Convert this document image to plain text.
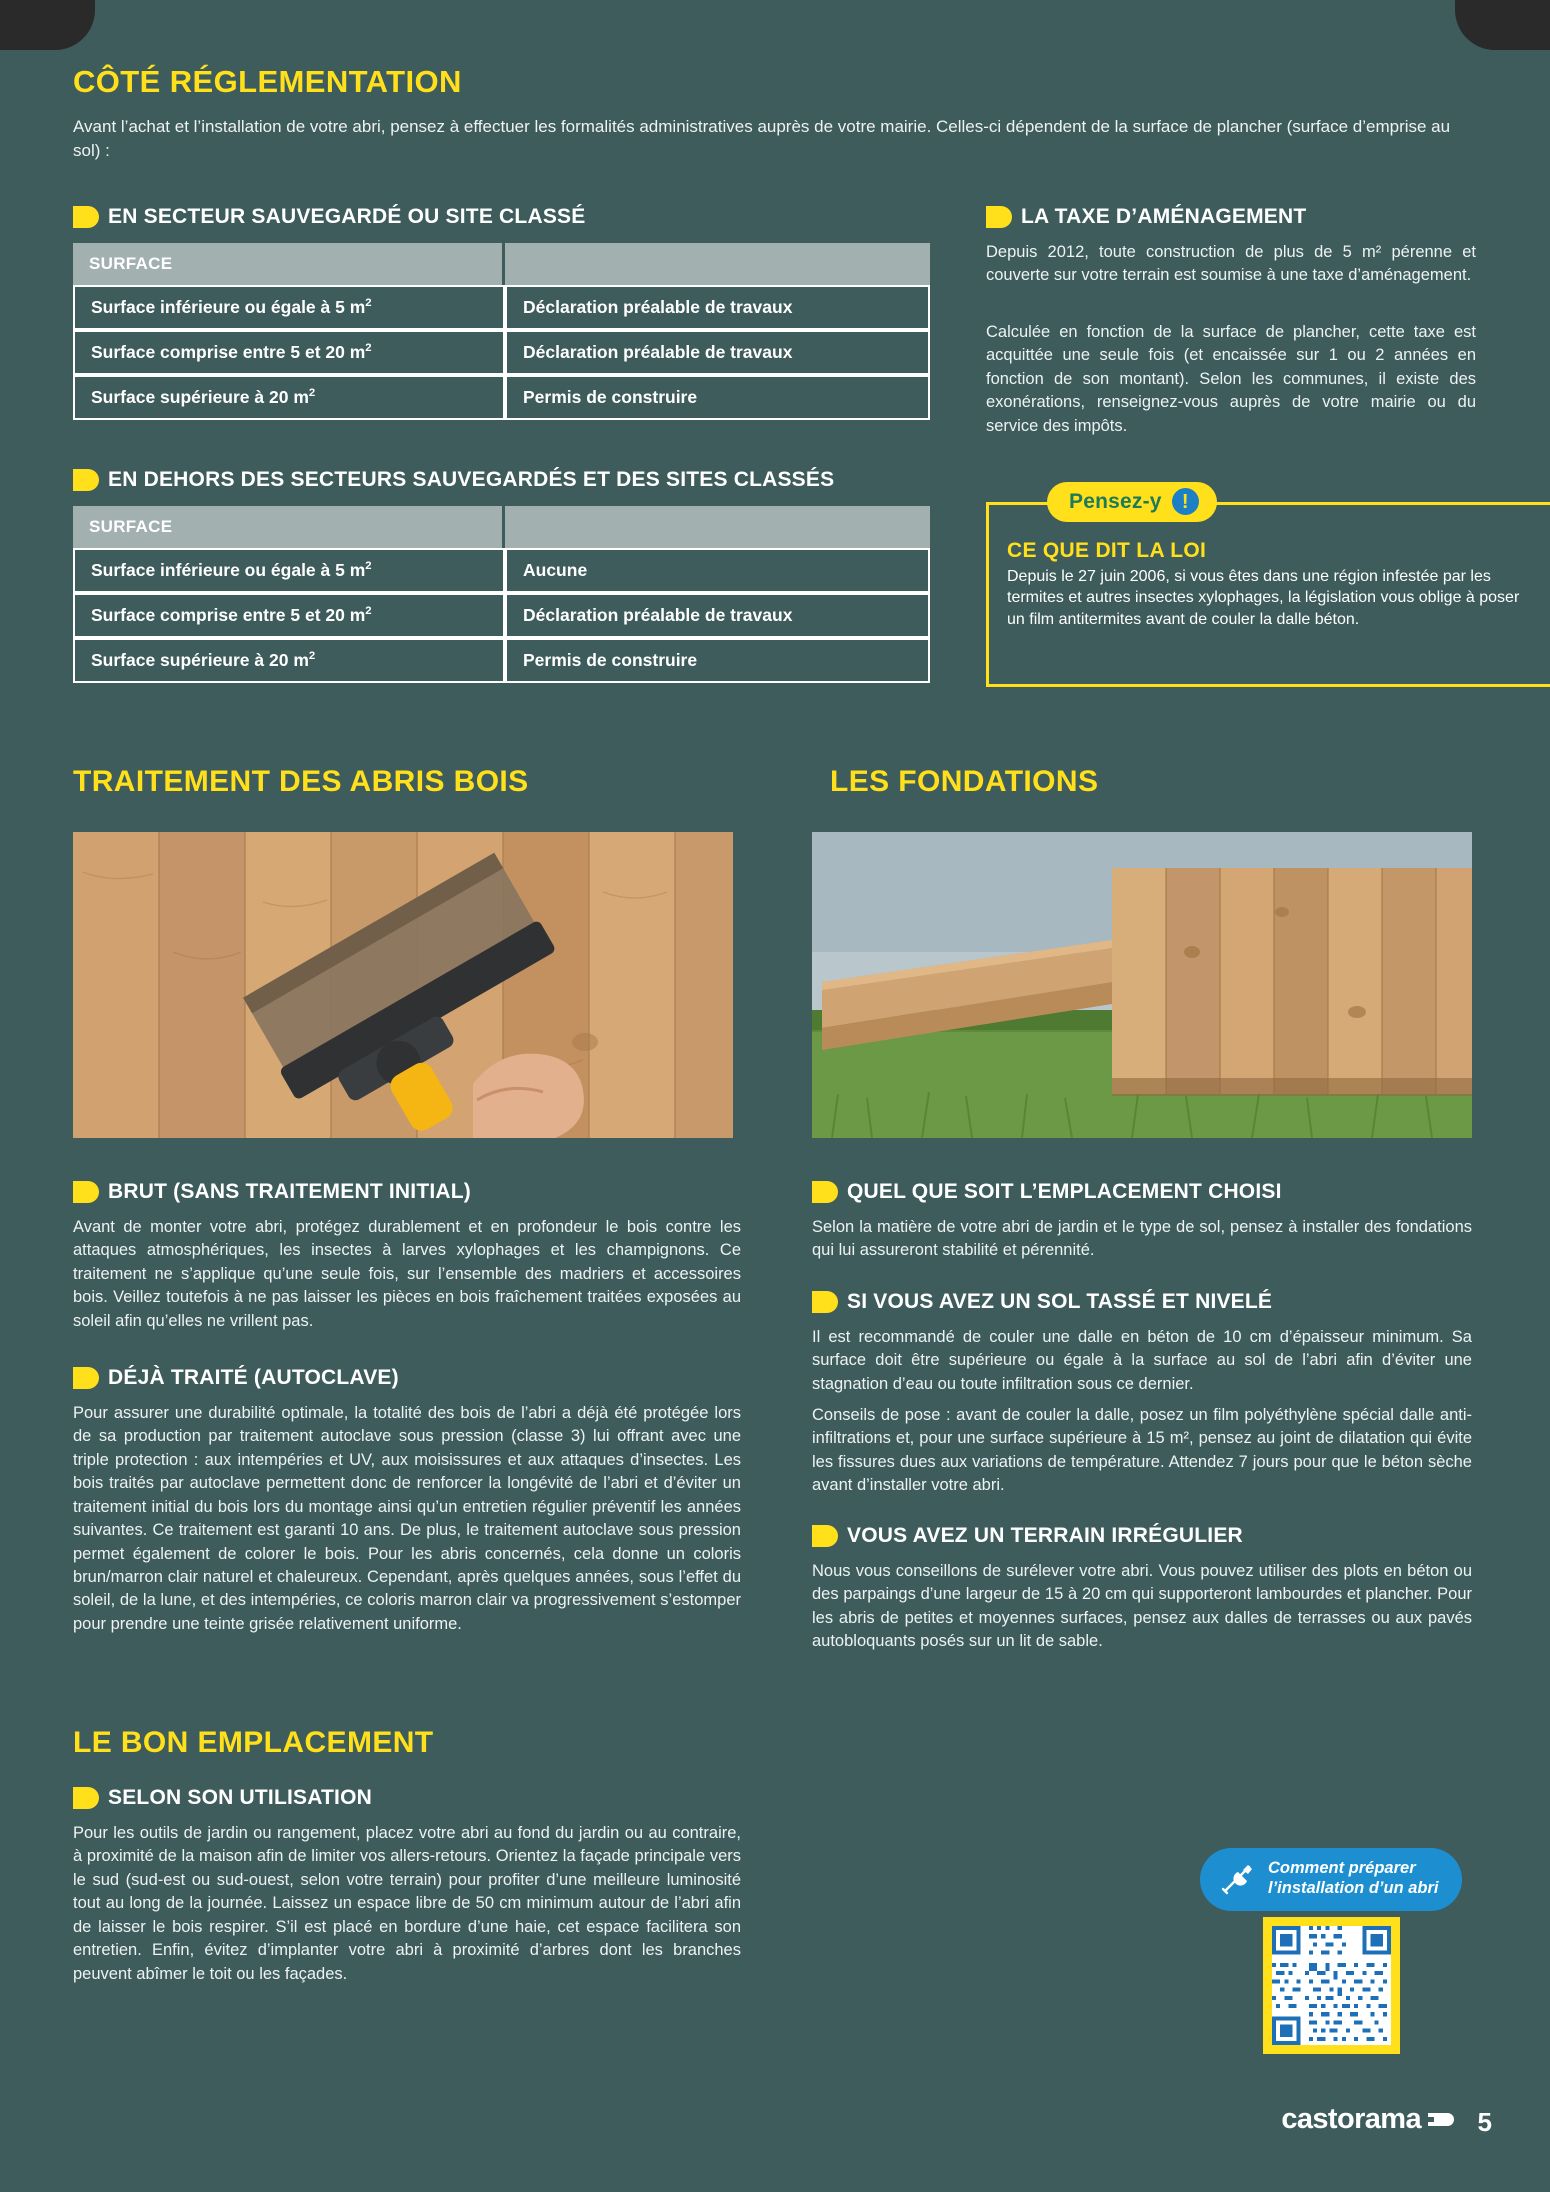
CÔTÉ RÉGLEMENTATION

Avant l’achat et l’installation de votre abri, pensez à effectuer les formalités administratives auprès de votre mairie. Celles-ci dépendent de la surface de plancher (surface d’emprise au sol) :

EN SECTEUR SAUVEGARDÉ OU SITE CLASSÉ
SURFACE	
Surface inférieure ou égale à 5 $m^2$	Déclaration préalable de travaux
Surface comprise entre 5 et 20 $m^2$	Déclaration préalable de travaux
Surface supérieure à 20 $m^2$	Permis de construire
EN DEHORS DES SECTEURS SAUVEGARDÉS ET DES SITES CLASSÉS
SURFACE	
Surface inférieure ou égale à 5 $m^2$	Aucune
Surface comprise entre 5 et 20 $m^2$	Déclaration préalable de travaux
Surface supérieure à 20 $m^2$	Permis de construire
LA TAXE D’AMÉNAGEMENT

Depuis 2012, toute construction de plus de 5 m² pérenne et couverte sur votre terrain est soumise à une taxe d’aménagement.

Calculée en fonction de la surface de plancher, cette taxe est acquittée une seule fois (et encaissée sur 1 ou 2 années en fonction de son montant). Selon les communes, il existe des exonérations, renseignez-vous auprès de votre mairie ou du service des impôts.

Pensez-y	!
CE QUE DIT LA LOI

Depuis le 27 juin 2006, si vous êtes dans une région infestée par les termites et autres insectes xylophages, la législation vous oblige à poser un film antitermites avant de couler la dalle béton.

TRAITEMENT DES ABRIS BOIS
BRUT (SANS TRAITEMENT INITIAL)

Avant de monter votre abri, protégez durablement et en profondeur le bois contre les attaques atmosphériques, les insectes à larves xylophages et les champignons. Ce traitement ne s’applique qu’une seule fois, sur l’ensemble des madriers et accessoires bois. Veillez toutefois à ne pas laisser les pièces en bois fraîchement traitées exposées au soleil afin qu’elles ne vrillent pas.

DÉJÀ TRAITÉ (AUTOCLAVE)

Pour assurer une durabilité optimale, la totalité des bois de l’abri a déjà été protégée lors de sa production par traitement autoclave sous pression (classe 3) lui offrant avec une triple protection : aux intempéries et UV, aux moisissures et aux attaques d’insectes. Les bois traités par autoclave permettent donc de renforcer la longévité de l’abri et d’éviter un traitement initial du bois lors du montage ainsi qu’un entretien régulier préventif les années suivantes. Ce traitement est garanti 10 ans. De plus, le traitement autoclave sous pression permet également de colorer le bois. Pour les abris concernés, cela donne un coloris brun/marron clair naturel et chaleureux. Cependant, après quelques années, sous l’effet du soleil, de la lune, et des intempéries, ce coloris marron clair va progressivement s’estomper pour prendre une teinte grisée relativement uniforme.

LES FONDATIONS
QUEL QUE SOIT L’EMPLACEMENT CHOISI

Selon la matière de votre abri de jardin et le type de sol, pensez à installer des fondations qui lui assureront stabilité et pérennité.

SI VOUS AVEZ UN SOL TASSÉ ET NIVELÉ

Il est recommandé de couler une dalle en béton de 10 cm d’épaisseur minimum. Sa surface doit être supérieure ou égale à la surface au sol de l’abri afin d’éviter une stagnation d’eau ou toute infiltration sous ce dernier.

Conseils de pose : avant de couler la dalle, posez un film polyéthylène spécial dalle anti-infiltrations et, pour une surface supérieure à 15 m², pensez au joint de dilatation qui évite les fissures dues aux variations de température. Attendez 7 jours pour que le béton sèche avant d’installer votre abri.

VOUS AVEZ UN TERRAIN IRRÉGULIER

Nous vous conseillons de surélever votre abri. Vous pouvez utiliser des plots en béton ou des parpaings d’une largeur de 15 à 20 cm qui supporteront lambourdes et plancher. Pour les abris de petites et moyennes surfaces, pensez aux dalles de terrasses ou aux pavés autobloquants posés sur un lit de sable.

LE BON EMPLACEMENT
SELON SON UTILISATION

Pour les outils de jardin ou rangement, placez votre abri au fond du jardin ou au contraire, à proximité de la maison afin de limiter vos allers-retours. Orientez la façade principale vers le sud (sud-est ou sud-ouest, selon votre terrain) pour profiter d’une meilleure luminosité tout au long de la journée. Laissez un espace libre de 50 cm minimum autour de l’abri afin de laisser le bois respirer. S’il est placé en bordure d’une haie, cet espace facilitera son entretien. Enfin, évitez d’implanter votre abri à proximité d’arbres dont les branches peuvent abîmer le toit ou les façades.

Comment préparer
l’installation d’un abri
castorama 5
